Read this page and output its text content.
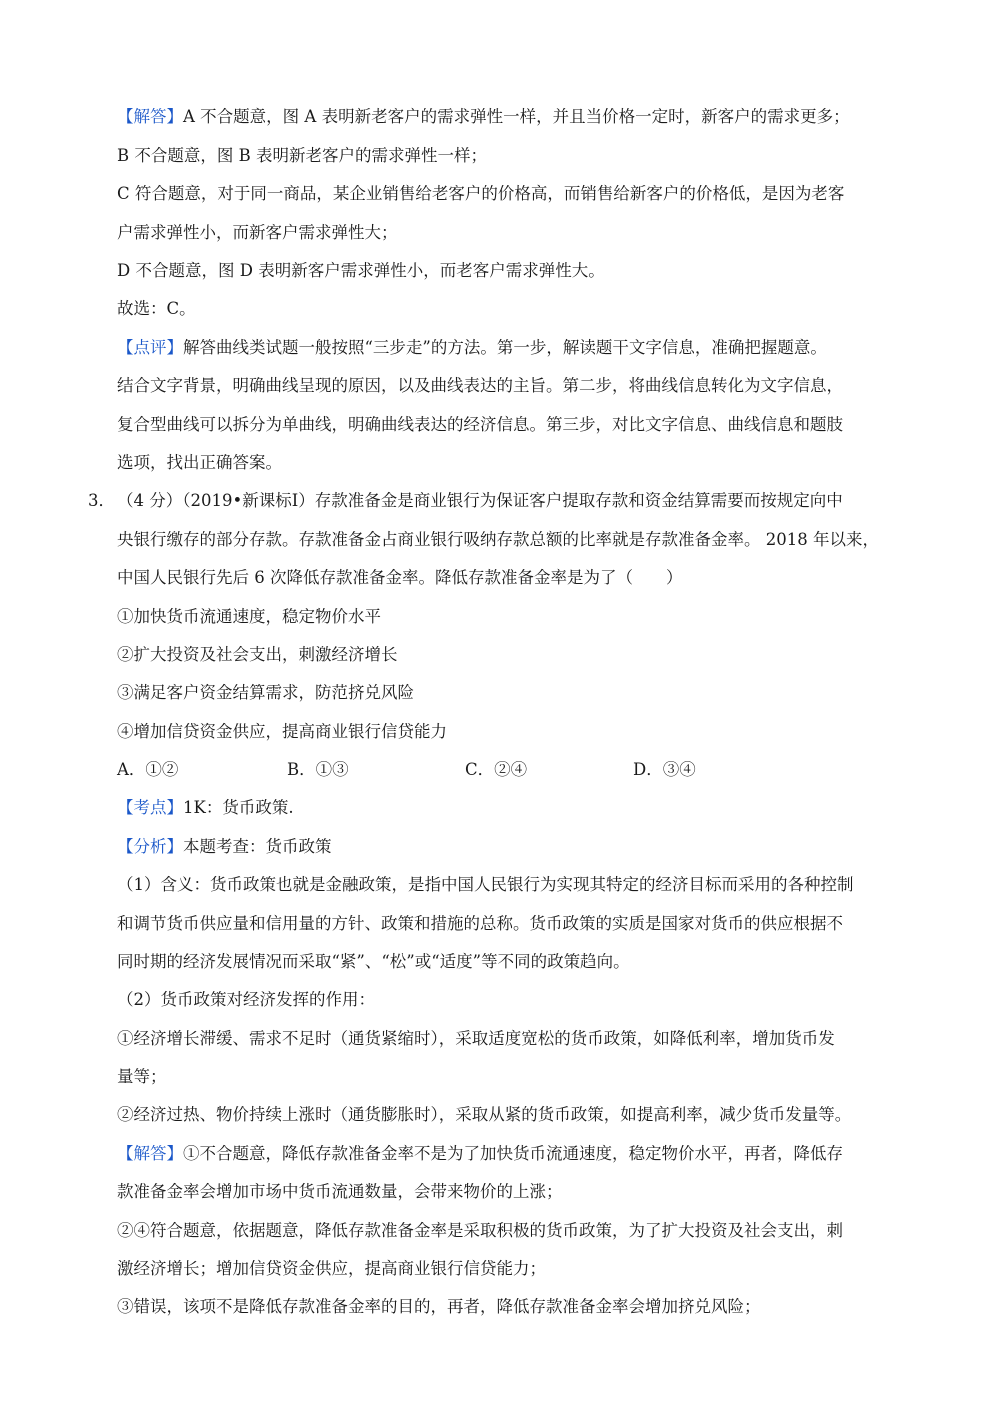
【解答】A 不合题意，图 A 表明新老客户的需求弹性一样，并且当价格一定时，新客户的需求更多；
B 不合题意，图 B 表明新老客户的需求弹性一样；
C 符合题意，对于同一商品，某企业销售给老客户的价格高，而销售给新客户的价格低，是因为老客
户需求弹性小，而新客户需求弹性大；
D 不合题意，图 D 表明新客户需求弹性小，而老客户需求弹性大。
故选：C。
【点评】解答曲线类试题一般按照“三步走”的方法。第一步，解读题干文字信息，准确把握题意。
结合文字背景，明确曲线呈现的原因，以及曲线表达的主旨。第二步，将曲线信息转化为文字信息，
复合型曲线可以拆分为单曲线，明确曲线表达的经济信息。第三步，对比文字信息、曲线信息和题肢
选项，找出正确答案。
3． （4 分）（2019•新课标Ⅰ）存款准备金是商业银行为保证客户提取存款和资金结算需要而按规定向中
央银行缴存的部分存款。存款准备金占商业银行吸纳存款总额的比率就是存款准备金率。 2018 年以来，
中国人民银行先后 6 次降低存款准备金率。降低存款准备金率是为了（　　）
①加快货币流通速度，稳定物价水平
②扩大投资及社会支出，刺激经济增长
③满足客户资金结算需求，防范挤兑风险
④增加信贷资金供应，提高商业银行信贷能力
A．①②	B．①③	C．②④	D．③④
【考点】1K：货币政策.
【分析】本题考查：货币政策
（1）含义：货币政策也就是金融政策，是指中国人民银行为实现其特定的经济目标而采用的各种控制
和调节货币供应量和信用量的方针、政策和措施的总称。货币政策的实质是国家对货币的供应根据不
同时期的经济发展情况而采取“紧”、“松”或“适度”等不同的政策趋向。
（2）货币政策对经济发挥的作用：
①经济增长滞缓、需求不足时（通货紧缩时），采取适度宽松的货币政策，如降低利率，增加货币发
量等；
②经济过热、物价持续上涨时（通货膨胀时），采取从紧的货币政策，如提高利率，减少货币发量等。
【解答】①不合题意，降低存款准备金率不是为了加快货币流通速度，稳定物价水平，再者，降低存
款准备金率会增加市场中货币流通数量，会带来物价的上涨；
②④符合题意，依据题意，降低存款准备金率是采取积极的货币政策，为了扩大投资及社会支出，刺
激经济增长；增加信贷资金供应，提高商业银行信贷能力；
③错误，该项不是降低存款准备金率的目的，再者，降低存款准备金率会增加挤兑风险；
